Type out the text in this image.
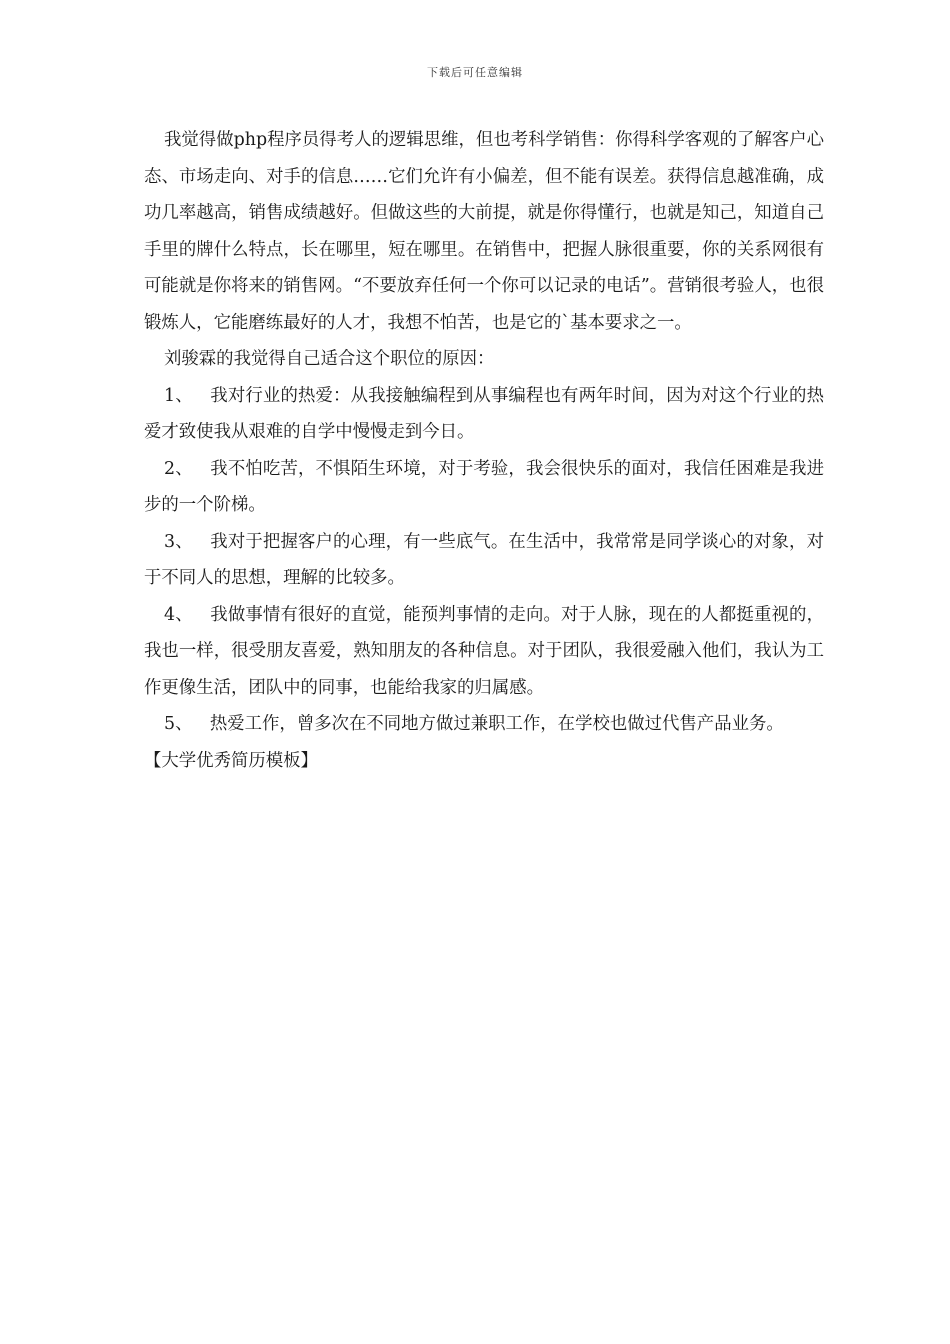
下载后可任意编辑

我觉得做php程序员得考人的逻辑思维，但也考科学销售：你得科学客观的了解客户心态、市场走向、对手的信息……它们允许有小偏差，但不能有误差。获得信息越准确，成功几率越高，销售成绩越好。但做这些的大前提，就是你得懂行，也就是知己，知道自己手里的牌什么特点，长在哪里，短在哪里。在销售中，把握人脉很重要，你的关系网很有可能就是你将来的销售网。“不要放弃任何一个你可以记录的电话”。营销很考验人，也很锻炼人，它能磨练最好的人才，我想不怕苦，也是它的`基本要求之一。

刘骏霖的我觉得自己适合这个职位的原因：

1、  我对行业的热爱：从我接触编程到从事编程也有两年时间，因为对这个行业的热爱才致使我从艰难的自学中慢慢走到今日。

2、  我不怕吃苦，不惧陌生环境，对于考验，我会很快乐的面对，我信任困难是我进步的一个阶梯。

3、  我对于把握客户的心理，有一些底气。在生活中，我常常是同学谈心的对象，对于不同人的思想，理解的比较多。

4、  我做事情有很好的直觉，能预判事情的走向。对于人脉，现在的人都挺重视的，我也一样，很受朋友喜爱，熟知朋友的各种信息。对于团队，我很爱融入他们，我认为工作更像生活，团队中的同事，也能给我家的归属感。

5、  热爱工作，曾多次在不同地方做过兼职工作，在学校也做过代售产品业务。

【大学优秀简历模板】
